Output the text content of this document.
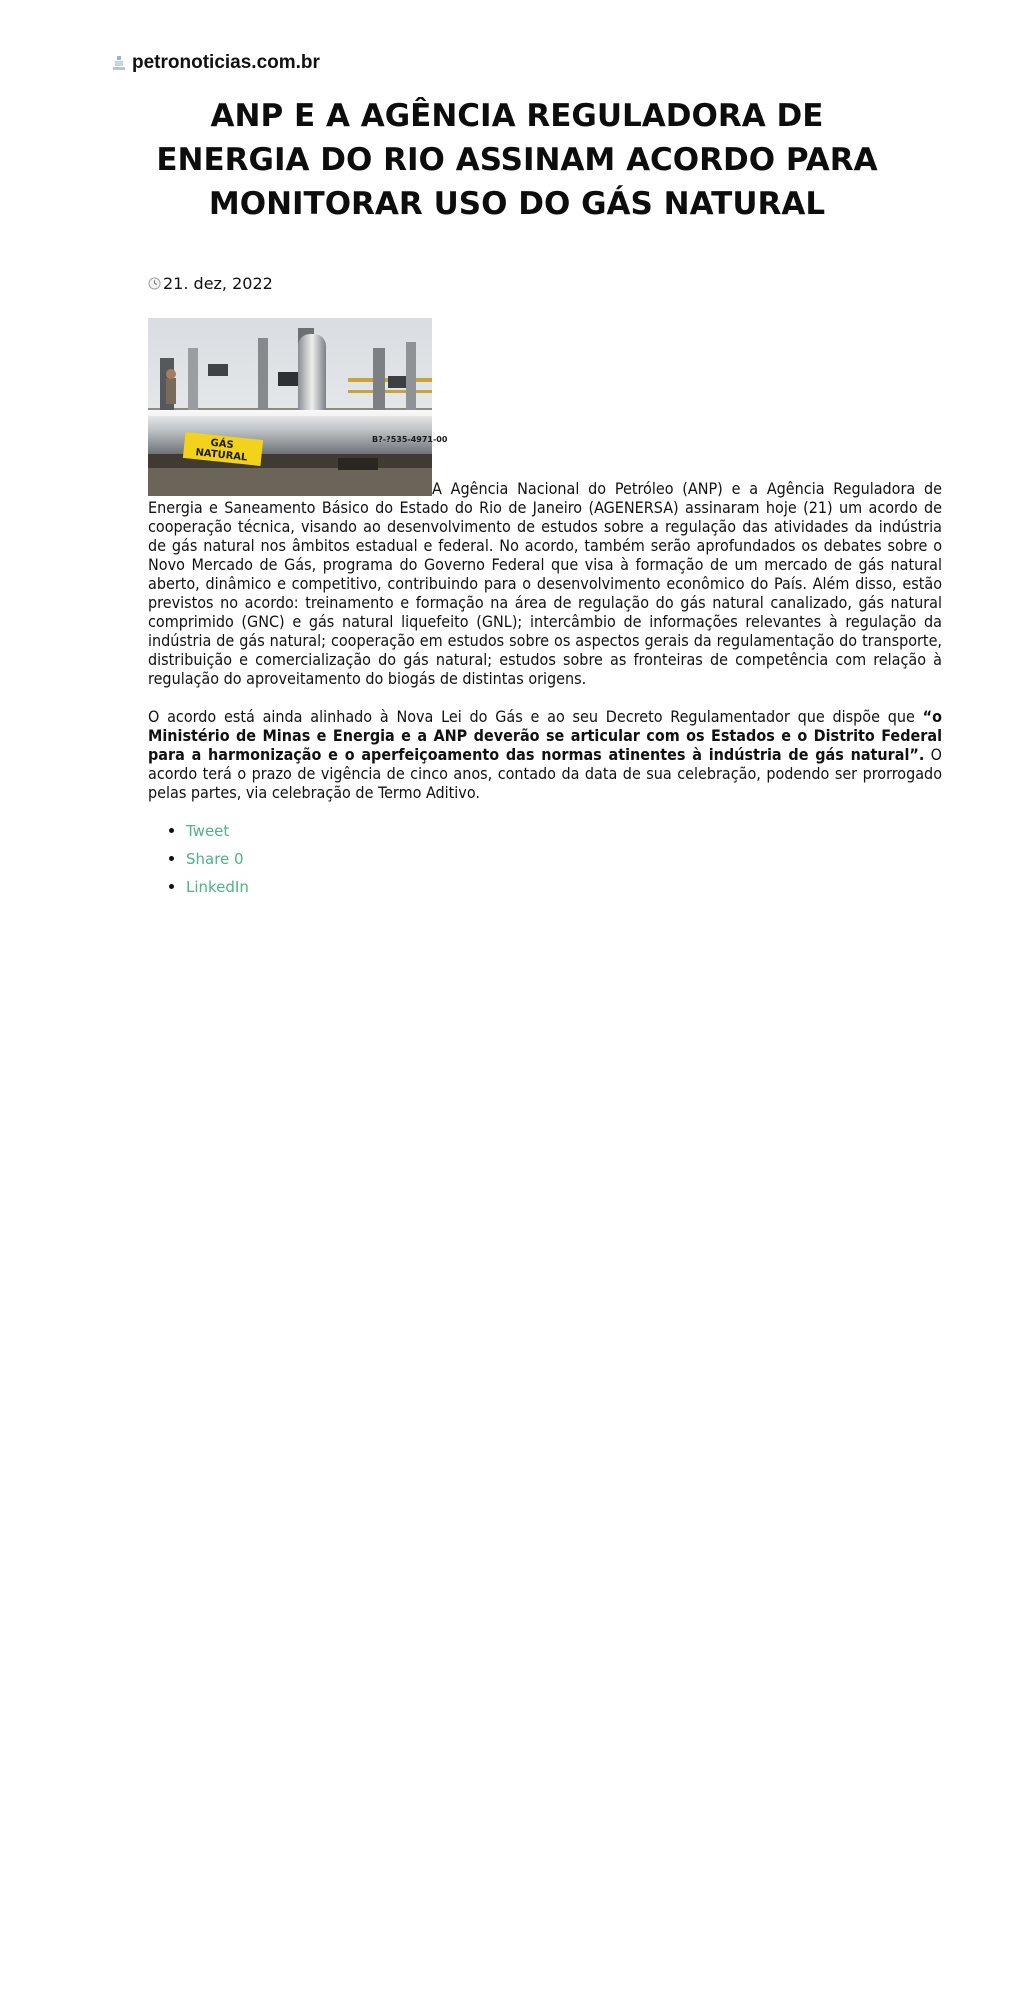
petronoticias.com.br
ANP E A AGÊNCIA REGULADORA DE ENERGIA DO RIO ASSINAM ACORDO PARA MONITORAR USO DO GÁS NATURAL
21. dez, 2022

GÁS
NATURAL
B?-?535-4971-00
A Agência Nacional do Petróleo (ANP) e a Agência Reguladora de Energia e Saneamento Básico do Estado do Rio de Janeiro (AGENERSA) assinaram hoje (21) um acordo de cooperação técnica, visando ao desenvolvimento de estudos sobre a regulação das atividades da indústria de gás natural nos âmbitos estadual e federal. No acordo, também serão aprofundados os debates sobre o Novo Mercado de Gás, programa do Governo Federal que visa à formação de um mercado de gás natural aberto, dinâmico e competitivo, contribuindo para o desenvolvimento econômico do País. Além disso, estão previstos no acordo: treinamento e formação na área de regulação do gás natural canalizado, gás natural comprimido (GNC) e gás natural liquefeito (GNL); intercâmbio de informações relevantes à regulação da indústria de gás natural; cooperação em estudos sobre os aspectos gerais da regulamentação do transporte, distribuição e comercialização do gás natural; estudos sobre as fronteiras de competência com relação à regulação do aproveitamento do biogás de distintas origens.

O acordo está ainda alinhado à Nova Lei do Gás e ao seu Decreto Regulamentador que dispõe que “o Ministério de Minas e Energia e a ANP deverão se articular com os Estados e o Distrito Federal para a harmonização e o aperfeiçoamento das normas atinentes à indústria de gás natural”. O acordo terá o prazo de vigência de cinco anos, contado da data de sua celebração, podendo ser prorrogado pelas partes, via celebração de Termo Aditivo.

• Tweet
• Share 0
• LinkedIn
